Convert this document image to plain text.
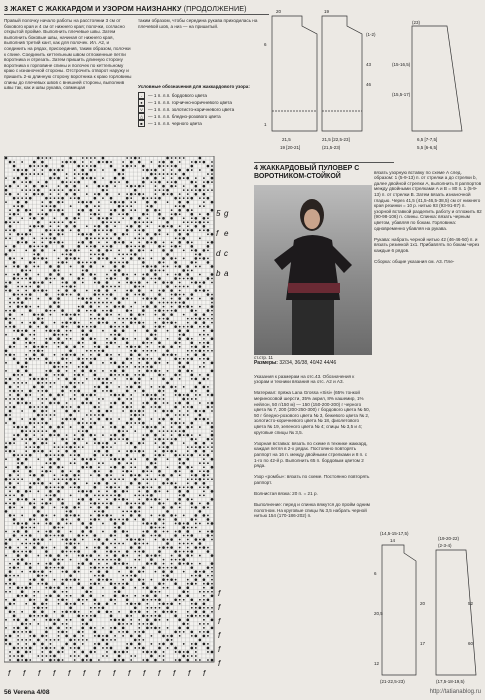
3 ЖАКЕТ С ЖАККАРДОМ И УЗОРОМ НАИЗНАНКУ (ПРОДОЛЖЕНИЕ)

Правый полочку начало работы на расстоянии 3 см от бокового края и 4 см от нижнего края; полочки, согласно открытой пройме. Выполнить плечевые швы. Затем выполнить боковые швы, начиная от нижнего края, выполнив третий кант, как для полочек. Ил. А2, и соединить на рядах, присоединив, таким образом, полочки к спине. Соединить кеттельным швом отложенные петли воротника и отрезать. Затем пришить длинную сторону воротника к горловине спины и полочек по кеттельному краю с изнаночной стороны. Отстрочить отворот наружу и пришить 2-ю длинную сторону воротника к краю горловины спины до плечевых швов с внешней стороны, выполнив швы так, как и швы рукава, совмещая

таким образом, чтобы середина рукава приходилась на плечевой шов, а низ — на пришитый.

Условные обозначения для жаккардового узора:
-	— 1 п. л.п. бордового цвета
●	— 1 п. л.п. горчично-коричневого цвета
V	— 1 п. л.п. золотисто-коричневого цвета
△	— 1 п. л.п. бледно-розового цвета
■	— 1 п. л.п. черного цвета
20	19
6
21,5
(23)
43
46
(1-2)
19 [20-21]
21,5 [22,5-23]
1
(15-16,5)
(15,5-17)
(21,5-23)
6,5 [7-7,5]
5,5 [6-6,5]
5 g
f e
d c
b a
f
f
f
f
f
f
f f f f f f f f f f f f f f
4 ЖАККАРДОВЫЙ ПУЛОВЕР С ВОРОТНИКОМ-СТОЙКОЙ
ст.стр. 11
Размеры: 32/34, 36/38, 40/42 44/46

Указания к размерам на отс.43. Обозначения к узорам и техники вязания на отс. А2 и А3.

Материал: пряжа Lana Grossa «Sisi» (65% тонкой мериносовой шерсти, 35% акрил, 8% кашемир, 1% нейлон, 50 г/150 м) — 150 (150-200-200) г черного цвета № 7, 200 (200-250-300) г бордового цвета № 50, 50 г бледно-розового цвета № 3, бежевого цвета № 2, золотисто-коричневого цвета № 18, фиолетового цвета № 19, зеленого цвета № 4; спицы № 3,5 и 4; круговые спицы № 3,5.

Узорная вставка: вязать по схеме в технике жаккард, каждая петля в 2-х рядах. Постоянно повторять раппорт на 16 п. между двойными стрелками и 8 п. с 1-го по 42-й р. Выполнить 65 п. бордовым цветом 2 ряда.

Узор «ромбы»: вязать по схеме. Постоянно повторять раппорт.

Волнистая вязка: 20 п. = 21 р.

Выполнение: перед и спинка вяжутся до пройм одним полотном. На круговые спицы № 3,5 набрать черной нитью 154 (170-186-202) п.

вязать узорную вставку по схеме А след. образом: 1 (5-9-13) п. от стрелки а до стрелки b, далее двойной стрелки А, выполнить 8 раппортов между двойными стрелками А и В = 80 п. 1 (5-9-13) п. от стрелки В. Затем вязать изнаночной гладью. Через 41,5 (41,5-46,5-38,5) см от нижнего края резинки = 10 р. нитью 93 (93-91-87) п. узорной вставкой разделить работу и отложить 82 (90-98-106) п. спины. Спинка: вязать черным цветом, убавляя по бокам. Горловина: одновременно убавляя на рукава.

Рукава: набрать черной нитью 42 (46-46-50) п. и вязать резинкой 1х1. Прибавлять по бокам через каждые 6 рядов.

Сборка: общие указания см. А3. Пле-

(14,5-15-17,5)
14	(19-20-22)
(2-3-4)
6
20,5
12
20
17
(21-22,5-23)	(17,5-18-19,5)
52
60
56 Verena 4/08	http://tatianablog.ru
